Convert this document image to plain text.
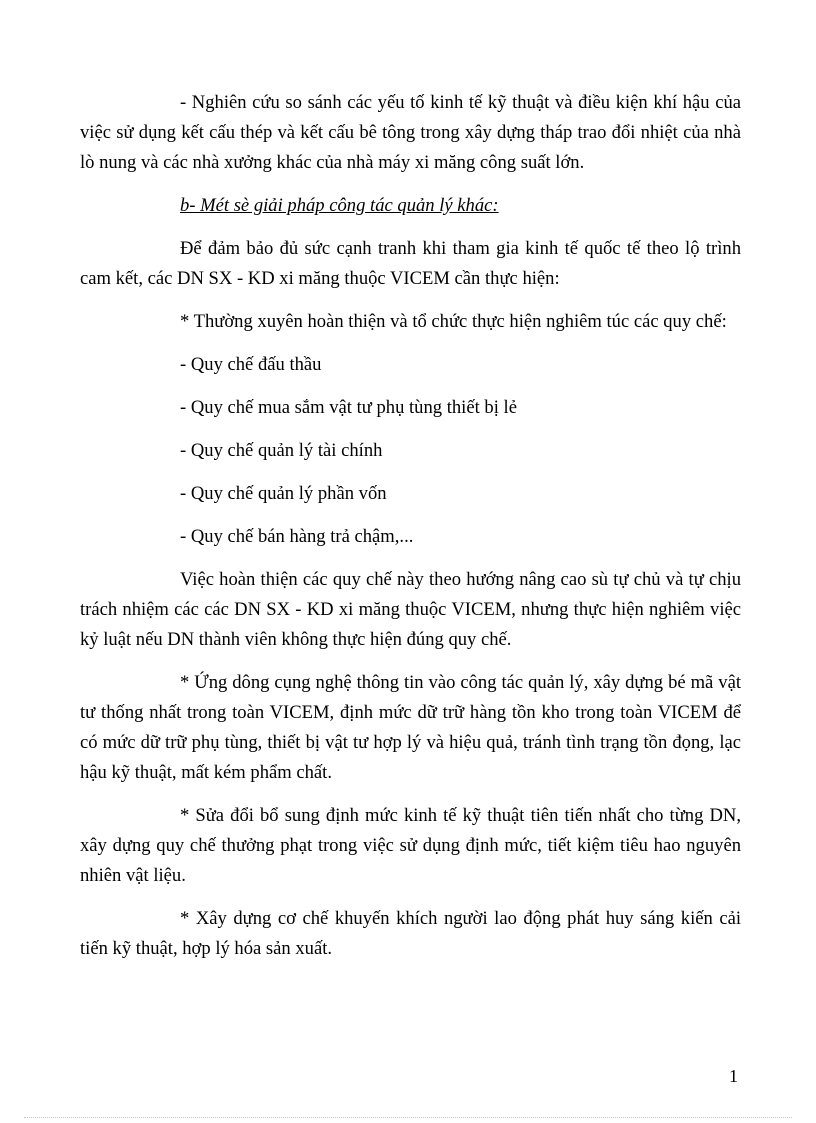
- Nghiên cứu so sánh các yếu tố kinh tế kỹ thuật và điều kiện khí hậu của việc sử dụng kết cấu thép và kết cấu bê tông trong xây dựng tháp trao đổi nhiệt của nhà lò nung và các nhà xưởng khác của nhà máy xi măng công suất lớn.

b- Mét sè giải pháp công tác quản lý khác:

Để đảm bảo đủ sức cạnh tranh khi tham gia kinh tế quốc tế theo lộ trình cam kết, các DN SX - KD xi măng thuộc VICEM cần thực hiện:

* Thường xuyên hoàn thiện và tổ chức thực hiện nghiêm túc các quy chế:

- Quy chế đấu thầu

- Quy chế mua sắm vật tư phụ tùng thiết bị lẻ

- Quy chế quản lý tài chính

- Quy chế quản lý phần vốn

- Quy chế bán hàng trả chậm,...

Việc hoàn thiện các quy chế này theo hướng nâng cao sù tự chủ và tự chịu trách nhiệm các các DN SX - KD xi măng thuộc VICEM, nhưng thực hiện nghiêm việc kỷ luật nếu DN thành viên không thực hiện đúng quy chế.

* Ứng dông cụng nghệ thông tin vào công tác quản lý, xây dựng bé mã vật tư thống nhất trong toàn VICEM, định mức dữ trữ hàng tồn kho trong toàn VICEM để có mức dữ trữ phụ tùng, thiết bị vật tư hợp lý và hiệu quả, tránh tình trạng tồn đọng, lạc hậu kỹ thuật, mất kém phẩm chất.

* Sửa đổi bổ sung định mức kinh tế kỹ thuật tiên tiến nhất cho từng DN, xây dựng quy chế thưởng phạt trong việc sử dụng định mức, tiết kiệm tiêu hao nguyên nhiên vật liệu.

* Xây dựng cơ chế khuyến khích người lao động phát huy sáng kiến cải tiến kỹ thuật, hợp lý hóa sản xuất.

1
